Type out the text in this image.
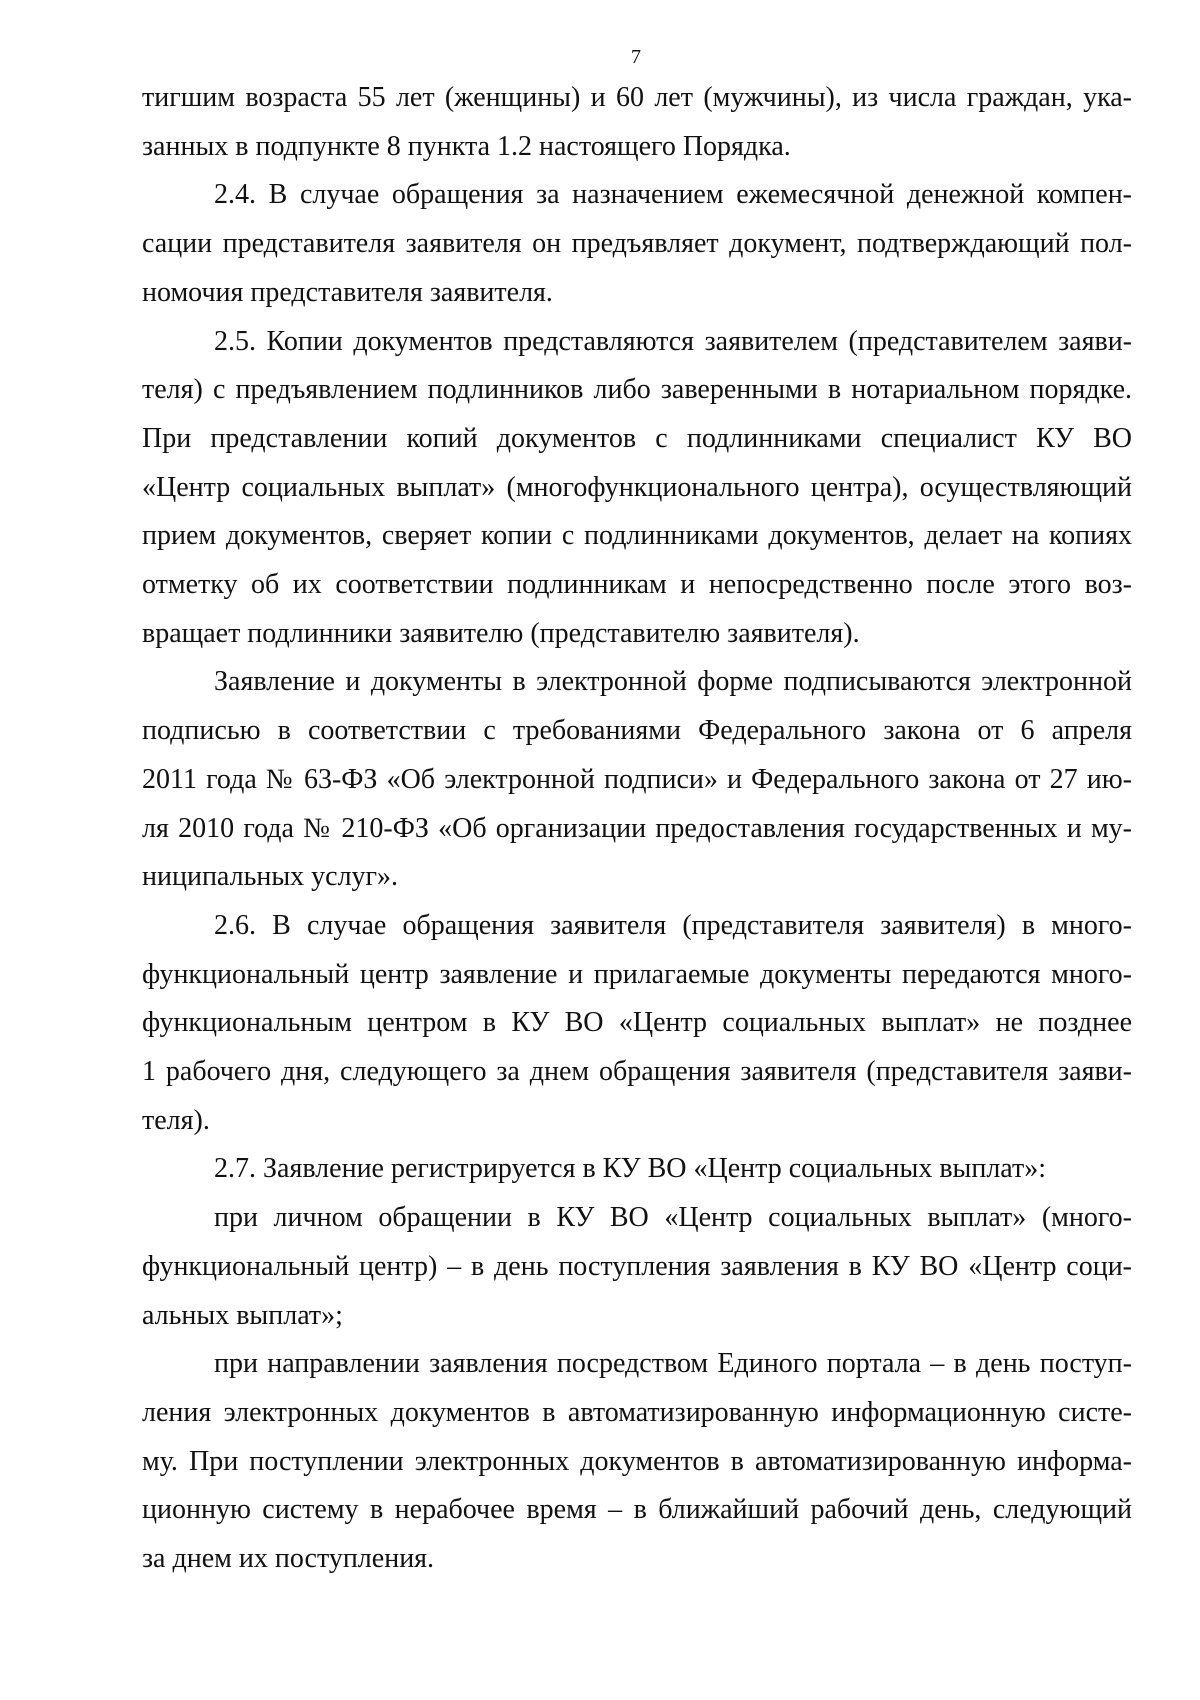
7
тигшим возраста 55 лет (женщины) и 60 лет (мужчины), из числа граждан, ука-
занных в подпункте 8 пункта 1.2 настоящего Порядка.
2.4. В случае обращения за назначением ежемесячной денежной компен-
сации представителя заявителя он предъявляет документ, подтверждающий пол-
номочия представителя заявителя.
2.5. Копии документов представляются заявителем (представителем заяви-
теля) с предъявлением подлинников либо заверенными в нотариальном порядке.
При представлении копий документов с подлинниками специалист КУ ВО
«Центр социальных выплат» (многофункционального центра), осуществляющий
прием документов, сверяет копии с подлинниками документов, делает на копиях
отметку об их соответствии подлинникам и непосредственно после этого воз-
вращает подлинники заявителю (представителю заявителя).
Заявление и документы в электронной форме подписываются электронной
подписью в соответствии с требованиями Федерального закона от 6 апреля
2011 года № 63-ФЗ «Об электронной подписи» и Федерального закона от 27 ию-
ля 2010 года № 210-ФЗ «Об организации предоставления государственных и му-
ниципальных услуг».
2.6. В случае обращения заявителя (представителя заявителя) в много-
функциональный центр заявление и прилагаемые документы передаются много-
функциональным центром в КУ ВО «Центр социальных выплат» не позднее
1 рабочего дня, следующего за днем обращения заявителя (представителя заяви-
теля).
2.7. Заявление регистрируется в КУ ВО «Центр социальных выплат»:
при личном обращении в КУ ВО «Центр социальных выплат» (много-
функциональный центр) – в день поступления заявления в КУ ВО «Центр соци-
альных выплат»;
при направлении заявления посредством Единого портала – в день поступ-
ления электронных документов в автоматизированную информационную систе-
му. При поступлении электронных документов в автоматизированную информа-
ционную систему в нерабочее время – в ближайший рабочий день, следующий
за днем их поступления.
